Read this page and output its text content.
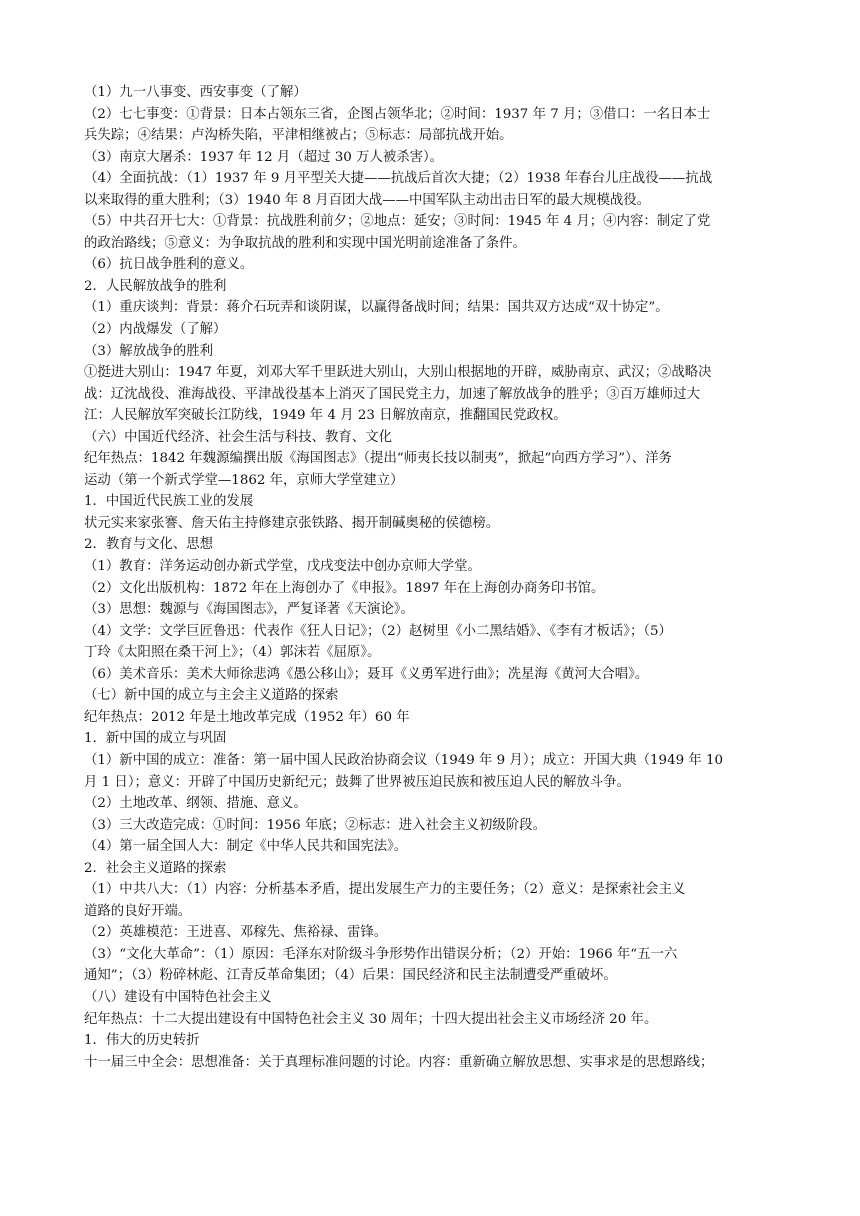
（1）九一八事变、西安事变（了解）

（2）七七事变：①背景：日本占领东三省，企图占领华北；②时间：1937 年 7 月；③借口：一名日本士

兵失踪；④结果：卢沟桥失陷，平津相继被占；⑤标志：局部抗战开始。

（3）南京大屠杀：1937 年 12 月（超过 30 万人被杀害）。

（4）全面抗战：（1）1937 年 9 月平型关大捷——抗战后首次大捷；（2）1938 年春台儿庄战役——抗战

以来取得的重大胜利；（3）1940 年 8 月百团大战——中国军队主动出击日军的最大规模战役。

（5）中共召开七大：①背景：抗战胜利前夕；②地点：延安；③时间：1945 年 4 月；④内容：制定了党

的政治路线；⑤意义：为争取抗战的胜利和实现中国光明前途准备了条件。

（6）抗日战争胜利的意义。

2．人民解放战争的胜利

（1）重庆谈判：背景：蒋介石玩弄和谈阴谋，以赢得备战时间；结果：国共双方达成“双十协定”。

（2）内战爆发（了解）

（3）解放战争的胜利

①挺进大别山：1947 年夏，刘邓大军千里跃进大别山，大别山根据地的开辟，威胁南京、武汉；②战略决

战：辽沈战役、淮海战役、平津战役基本上消灭了国民党主力，加速了解放战争的胜乎；③百万雄师过大

江：人民解放军突破长江防线，1949 年 4 月 23 日解放南京，推翻国民党政权。

（六）中国近代经济、社会生活与科技、教育、文化

纪年热点：1842 年魏源编撰出版《海国图志》（提出“师夷长技以制夷”，掀起“向西方学习”）、洋务

运动（第一个新式学堂—1862 年，京师大学堂建立）

1．中国近代民族工业的发展

状元实来家张謇、詹天佑主持修建京张铁路、揭开制碱奥秘的侯德榜。

2．教育与文化、思想

（1）教育：洋务运动创办新式学堂，戊戌变法中创办京师大学堂。

（2）文化出版机构：1872 年在上海创办了《申报》。1897 年在上海创办商务印书馆。

（3）思想：魏源与《海国图志》，严复译著《天演论》。

（4）文学：文学巨匠鲁迅：代表作《狂人日记》；（2）赵树里《小二黑结婚》、《李有才板话》；（5）

丁玲《太阳照在桑干河上》；（4）郭沫若《屈原》。

（6）美术音乐：美术大师徐悲鸿《愚公移山》；聂耳《义勇军进行曲》；冼星海《黄河大合唱》。

（七）新中国的成立与主会主义道路的探索

纪年热点：2012 年是土地改革完成（1952 年）60 年

1．新中国的成立与巩固

（1）新中国的成立：准备：第一届中国人民政治协商会议（1949 年 9 月）；成立：开国大典（1949 年 10

月 1 日）；意义：开辟了中国历史新纪元；鼓舞了世界被压迫民族和被压迫人民的解放斗争。

（2）土地改革、纲领、措施、意义。

（3）三大改造完成：①时间：1956 年底；②标志：进入社会主义初级阶段。

（4）第一届全国人大：制定《中华人民共和国宪法》。

2．社会主义道路的探索

（1）中共八大：（1）内容：分析基本矛盾，提出发展生产力的主要任务；（2）意义：是探索社会主义

道路的良好开端。

（2）英雄模范：王进喜、邓稼先、焦裕禄、雷锋。

（3）“文化大革命”：（1）原因：毛泽东对阶级斗争形势作出错误分析；（2）开始：1966 年“五一六

通知”；（3）粉碎林彪、江青反革命集团；（4）后果：国民经济和民主法制遭受严重破坏。

（八）建设有中国特色社会主义

纪年热点：十二大提出建设有中国特色社会主义 30 周年；十四大提出社会主义市场经济 20 年。

1．伟大的历史转折

十一届三中全会：思想准备：关于真理标准问题的讨论。内容：重新确立解放思想、实事求是的思想路线；
